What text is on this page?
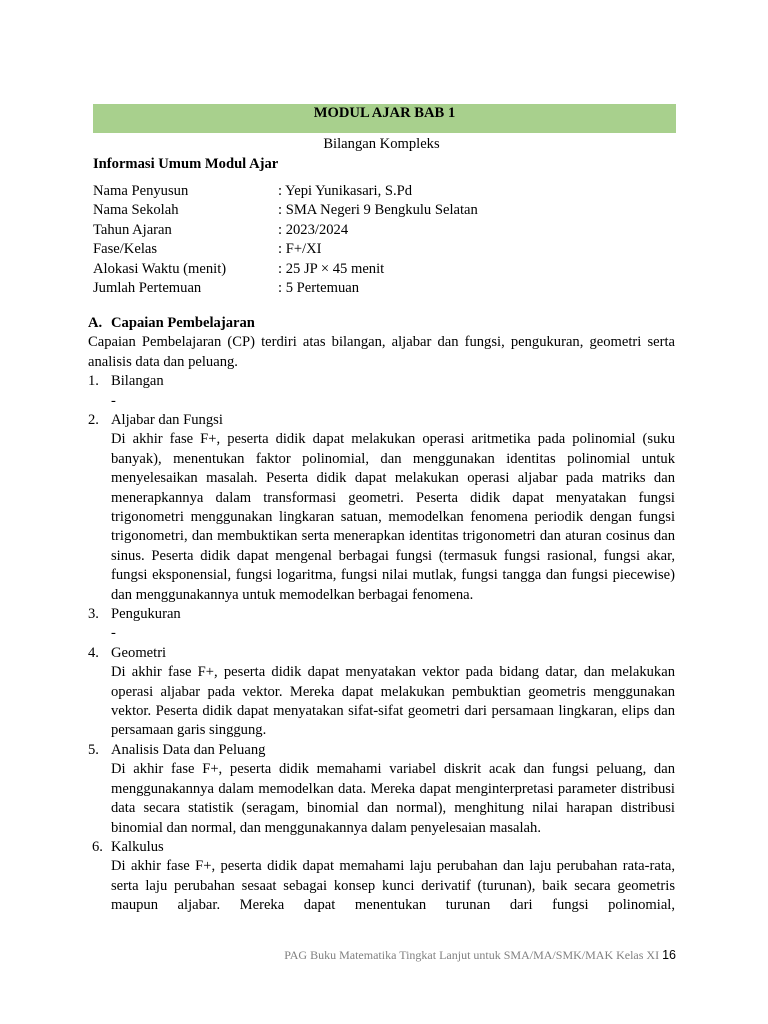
MODUL AJAR BAB 1
Bilangan Kompleks
Informasi Umum Modul Ajar
Nama Penyusun	: Yepi Yunikasari, S.Pd
Nama Sekolah	: SMA Negeri 9 Bengkulu Selatan
Tahun Ajaran	: 2023/2024
Fase/Kelas	: F+/XI
Alokasi Waktu (menit)	: 25 JP × 45 menit
Jumlah Pertemuan	: 5 Pertemuan
A. Capaian Pembelajaran
Capaian Pembelajaran (CP) terdiri atas bilangan, aljabar dan fungsi, pengukuran, geometri serta analisis data dan peluang.
1. Bilangan
-
2. Aljabar dan Fungsi
Di akhir fase F+, peserta didik dapat melakukan operasi aritmetika pada polinomial (suku banyak), menentukan faktor polinomial, dan menggunakan identitas polinomial untuk menyelesaikan masalah. Peserta didik dapat melakukan operasi aljabar pada matriks dan menerapkannya dalam transformasi geometri. Peserta didik dapat menyatakan fungsi trigonometri menggunakan lingkaran satuan, memodelkan fenomena periodik dengan fungsi trigonometri, dan membuktikan serta menerapkan identitas trigonometri dan aturan cosinus dan sinus. Peserta didik dapat mengenal berbagai fungsi (termasuk fungsi rasional, fungsi akar, fungsi eksponensial, fungsi logaritma, fungsi nilai mutlak, fungsi tangga dan fungsi piecewise) dan menggunakannya untuk memodelkan berbagai fenomena.
3. Pengukuran
-
4. Geometri
Di akhir fase F+, peserta didik dapat menyatakan vektor pada bidang datar, dan melakukan operasi aljabar pada vektor. Mereka dapat melakukan pembuktian geometris menggunakan vektor. Peserta didik dapat menyatakan sifat-sifat geometri dari persamaan lingkaran, elips dan persamaan garis singgung.
5. Analisis Data dan Peluang
Di akhir fase F+, peserta didik memahami variabel diskrit acak dan fungsi peluang, dan menggunakannya dalam memodelkan data. Mereka dapat menginterpretasi parameter distribusi data secara statistik (seragam, binomial dan normal), menghitung nilai harapan distribusi binomial dan normal, dan menggunakannya dalam penyelesaian masalah.
6. Kalkulus
Di akhir fase F+, peserta didik dapat memahami laju perubahan dan laju perubahan rata-rata, serta laju perubahan sesaat sebagai konsep kunci derivatif (turunan), baik secara geometris maupun aljabar. Mereka dapat menentukan turunan dari fungsi polinomial,
PAG Buku Matematika Tingkat Lanjut untuk SMA/MA/SMK/MAK Kelas XI 16
